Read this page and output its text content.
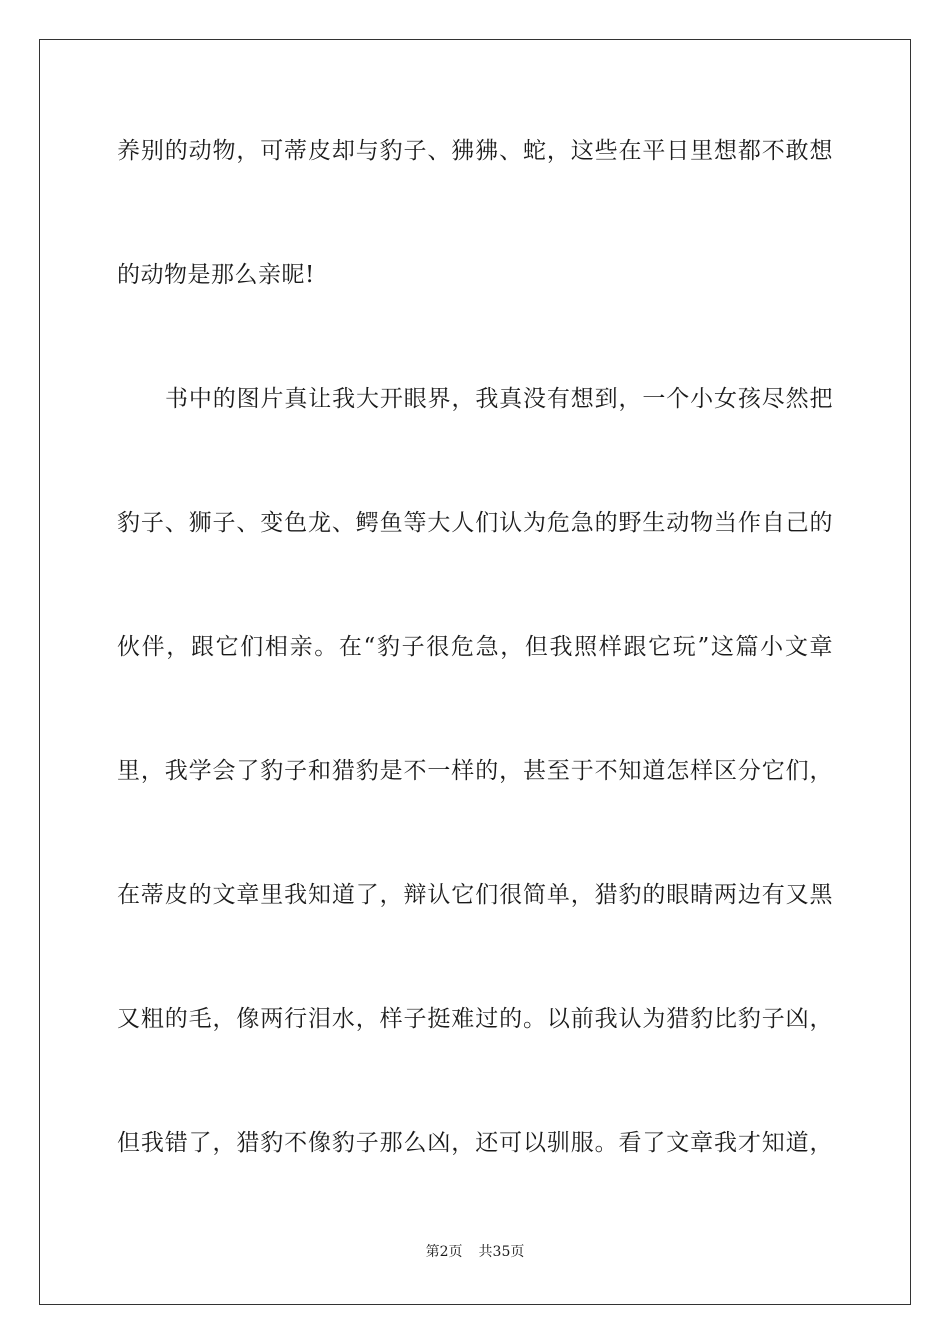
养别的动物，可蒂皮却与豹子、狒狒、蛇，这些在平日里想都不敢想
的动物是那么亲昵!
书中的图片真让我大开眼界，我真没有想到，一个小女孩尽然把
豹子、狮子、变色龙、鳄鱼等大人们认为危急的野生动物当作自己的
伙伴，跟它们相亲。在“豹子很危急，但我照样跟它玩”这篇小文章
里，我学会了豹子和猎豹是不一样的，甚至于不知道怎样区分它们，
在蒂皮的文章里我知道了，辩认它们很简单，猎豹的眼睛两边有又黑
又粗的毛，像两行泪水，样子挺难过的。以前我认为猎豹比豹子凶，
但我错了，猎豹不像豹子那么凶，还可以驯服。看了文章我才知道，
第2页 共35页
